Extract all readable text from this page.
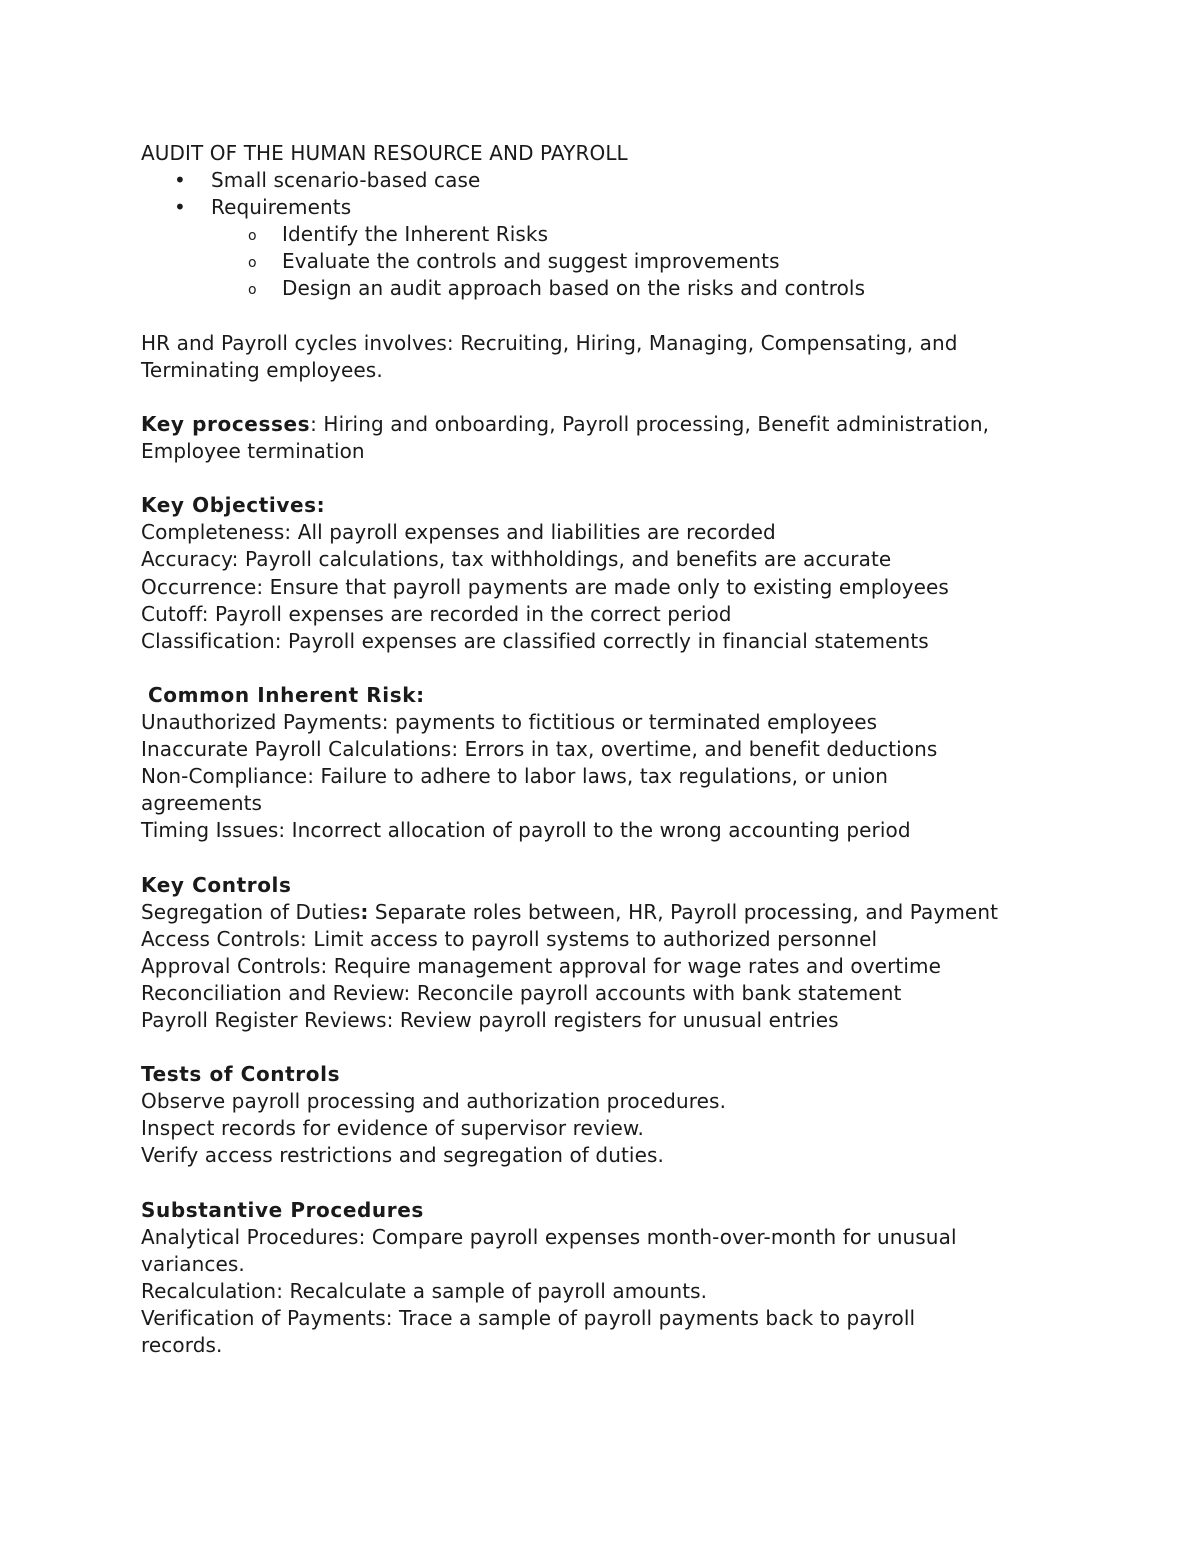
AUDIT OF THE HUMAN RESOURCE AND PAYROLL
• Small scenario-based case
• Requirements
o Identify the Inherent Risks
o Evaluate the controls and suggest improvements
o Design an audit approach based on the risks and controls

HR and Payroll cycles involves: Recruiting, Hiring, Managing, Compensating, and Terminating employees.

Key processes: Hiring and onboarding, Payroll processing, Benefit administration, Employee termination

Key Objectives:

Completeness: All payroll expenses and liabilities are recorded

Accuracy: Payroll calculations, tax withholdings, and benefits are accurate

Occurrence: Ensure that payroll payments are made only to existing employees

Cutoff: Payroll expenses are recorded in the correct period

Classification: Payroll expenses are classified correctly in financial statements

Common Inherent Risk:

Unauthorized Payments: payments to fictitious or terminated employees

Inaccurate Payroll Calculations: Errors in tax, overtime, and benefit deductions

Non-Compliance: Failure to adhere to labor laws, tax regulations, or union agreements

Timing Issues: Incorrect allocation of payroll to the wrong accounting period

Key Controls

Segregation of Duties: Separate roles between, HR, Payroll processing, and Payment

Access Controls: Limit access to payroll systems to authorized personnel

Approval Controls: Require management approval for wage rates and overtime

Reconciliation and Review: Reconcile payroll accounts with bank statement

Payroll Register Reviews: Review payroll registers for unusual entries

Tests of Controls

Observe payroll processing and authorization procedures.

Inspect records for evidence of supervisor review.

Verify access restrictions and segregation of duties.

Substantive Procedures

Analytical Procedures: Compare payroll expenses month-over-month for unusual variances.

Recalculation: Recalculate a sample of payroll amounts.

Verification of Payments: Trace a sample of payroll payments back to payroll records.
